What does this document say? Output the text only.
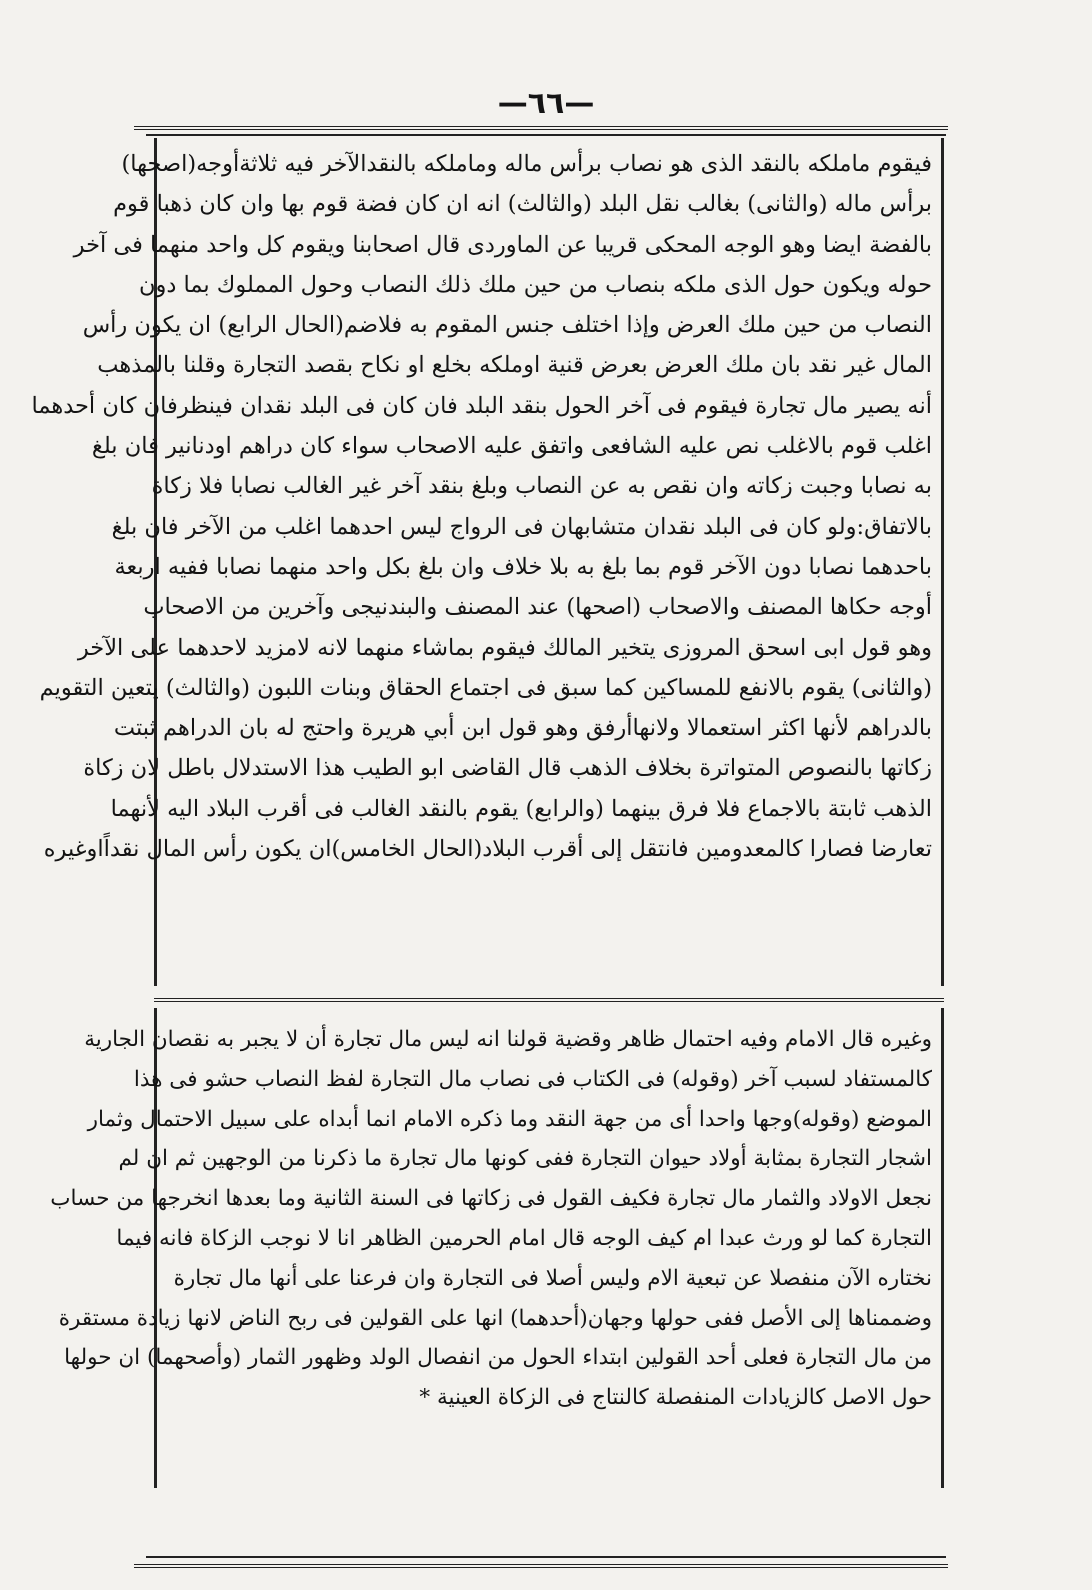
—٦٦—
فيقوم ماملكه بالنقد الذى هو نصاب برأس ماله وماملكه بالنقدالآخر فيه ثلاثةأوجه(اصحها)
برأس ماله (والثانى) بغالب نقل البلد (والثالث) انه ان كان فضة قوم بها وان كان ذهبا قوم
بالفضة ايضا وهو الوجه المحكى قريبا عن الماوردى قال اصحابنا ويقوم كل واحد منهما فى آخر
حوله ويكون حول الذى ملكه بنصاب من حين ملك ذلك النصاب وحول المملوك بما دون
النصاب من حين ملك العرض وإذا اختلف جنس المقوم به فلاضم(الحال الرابع) ان يكون رأس
المال غير نقد بان ملك العرض بعرض قنية اوملكه بخلع او نكاح بقصد التجارة وقلنا بالمذهب
أنه يصير مال تجارة فيقوم فى آخر الحول بنقد البلد فان كان فى البلد نقدان فينظرفان كان أحدهما
اغلب قوم بالاغلب نص عليه الشافعى واتفق عليه الاصحاب سواء كان دراهم اودنانير فان بلغ
به نصابا وجبت زكاته وان نقص به عن النصاب وبلغ بنقد آخر غير الغالب نصابا فلا زكاة
بالاتفاق:ولو كان فى البلد نقدان متشابهان فى الرواج ليس احدهما اغلب من الآخر فان بلغ
باحدهما نصابا دون الآخر قوم بما بلغ به بلا خلاف وان بلغ بكل واحد منهما نصابا ففيه اربعة
أوجه حكاها المصنف والاصحاب (اصحها) عند المصنف والبندنيجى وآخرين من الاصحاب
وهو قول ابى اسحق المروزى يتخير المالك فيقوم بماشاء منهما لانه لامزيد لاحدهما على الآخر
(والثانى) يقوم بالانفع للمساكين كما سبق فى اجتماع الحقاق وبنات اللبون (والثالث) يتعين التقويم
بالدراهم لأنها اكثر استعمالا ولانهاأرفق وهو قول ابن أبي هريرة واحتج له بان الدراهم ثبتت
زكاتها بالنصوص المتواترة بخلاف الذهب قال القاضى ابو الطيب هذا الاستدلال باطل لان زكاة
الذهب ثابتة بالاجماع فلا فرق بينهما (والرابع) يقوم بالنقد الغالب فى أقرب البلاد اليه لأنهما
تعارضا فصارا كالمعدومين فانتقل إلى أقرب البلاد(الحال الخامس)ان يكون رأس المال نقداًاوغيره
وغيره قال الامام وفيه احتمال ظاهر وقضية قولنا انه ليس مال تجارة أن لا يجبر به نقصان الجارية
كالمستفاد لسبب آخر (وقوله) فى الكتاب فى نصاب مال التجارة لفظ النصاب حشو فى هذا
الموضع (وقوله)وجها واحدا أى من جهة النقد وما ذكره الامام انما أبداه على سبيل الاحتمال وثمار
اشجار التجارة بمثابة أولاد حيوان التجارة ففى كونها مال تجارة ما ذكرنا من الوجهين ثم ان لم
نجعل الاولاد والثمار مال تجارة فكيف القول فى زكاتها فى السنة الثانية وما بعدها انخرجها من حساب
التجارة كما لو ورث عبدا ام كيف الوجه قال امام الحرمين الظاهر انا لا نوجب الزكاة فانه فيما
نختاره الآن منفصلا عن تبعية الام وليس أصلا فى التجارة وان فرعنا على أنها مال تجارة
وضممناها إلى الأصل ففى حولها وجهان(أحدهما) انها على القولين فى ربح الناض لانها زيادة مستقرة
من مال التجارة فعلى أحد القولين ابتداء الحول من انفصال الولد وظهور الثمار (وأصحهما) ان حولها
حول الاصل كالزيادات المنفصلة كالنتاج فى الزكاة العينية *
